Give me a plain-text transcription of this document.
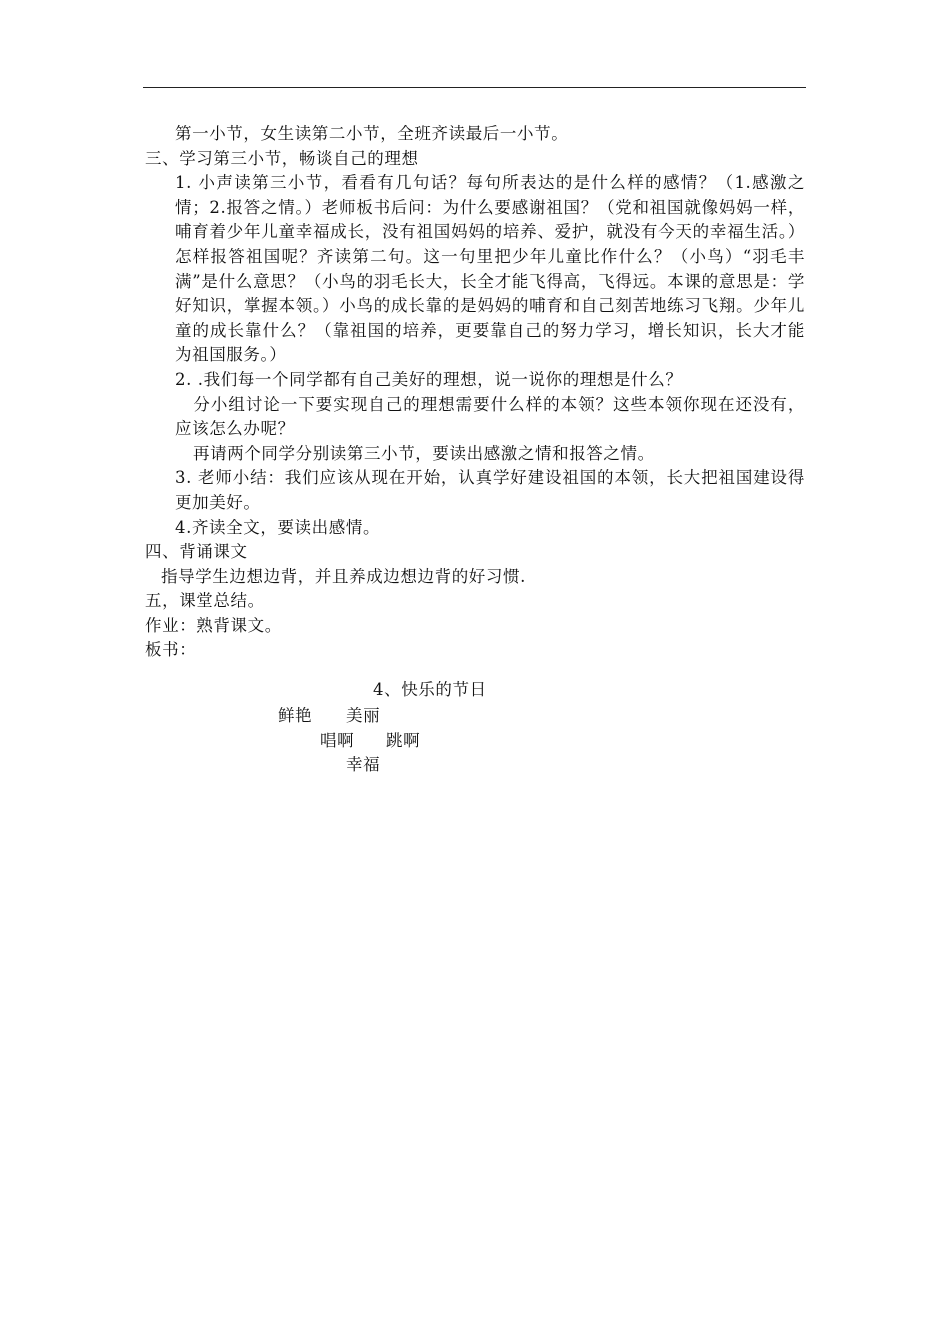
第一小节，女生读第二小节，全班齐读最后一小节。
三、学习第三小节，畅谈自己的理想
1. 小声读第三小节，看看有几句话？每句所表达的是什么样的感情？（1.感激之情；2.报答之情。）老师板书后问：为什么要感谢祖国？（党和祖国就像妈妈一样，哺育着少年儿童幸福成长，没有祖国妈妈的培养、爱护，就没有今天的幸福生活。）怎样报答祖国呢？齐读第二句。这一句里把少年儿童比作什么？（小鸟）“羽毛丰满”是什么意思？（小鸟的羽毛长大，长全才能飞得高，飞得远。本课的意思是：学好知识，掌握本领。）小鸟的成长靠的是妈妈的哺育和自己刻苦地练习飞翔。少年儿童的成长靠什么？（靠祖国的培养，更要靠自己的努力学习，增长知识，长大才能为祖国服务。）
2. .我们每一个同学都有自己美好的理想，说一说你的理想是什么？
分小组讨论一下要实现自己的理想需要什么样的本领？这些本领你现在还没有，应该怎么办呢？
再请两个同学分别读第三小节，要读出感激之情和报答之情。
3. 老师小结：我们应该从现在开始，认真学好建设祖国的本领，长大把祖国建设得更加美好。
4.齐读全文，要读出感情。
四、背诵课文
指导学生边想边背，并且养成边想边背的好习惯.
五，课堂总结。
作业：熟背课文。
板书：
4、快乐的节日
鲜艳 美丽
唱啊 跳啊
幸福
